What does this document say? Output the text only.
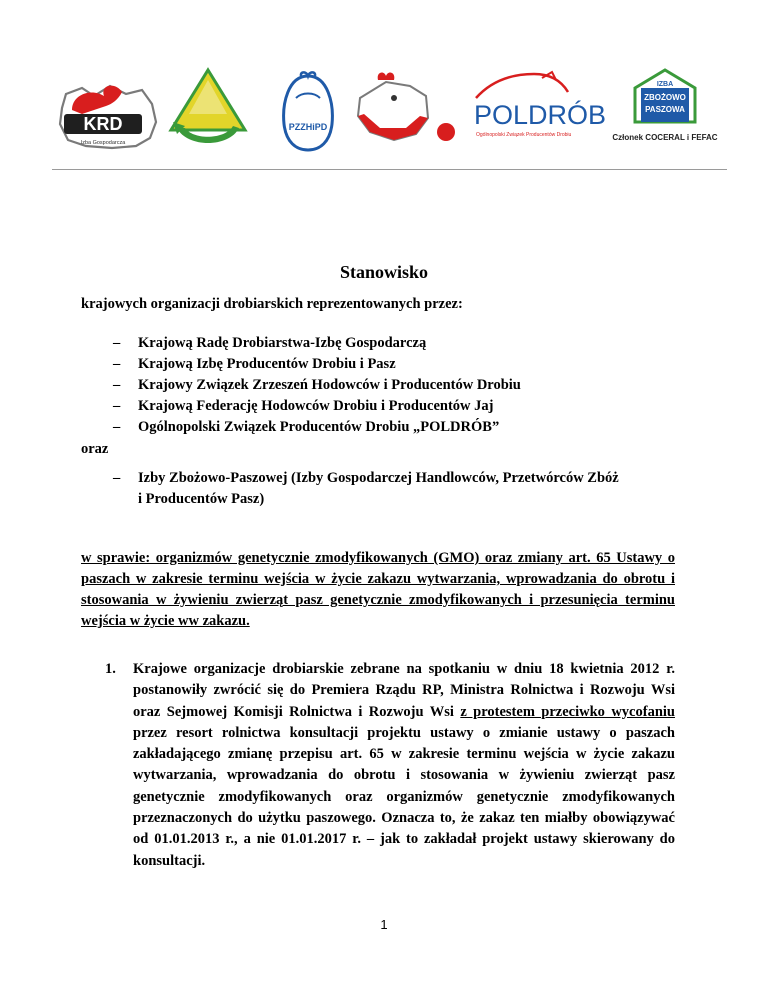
KRD
Izba Gospodarcza
PZZHiPD	POLDRÓB
Ogólnopolski Związek Producentów Drobiu
IZBA
ZBOŻOWO
PASZOWA
Członek COCERAL i FEFAC
Stanowisko
krajowych organizacji drobiarskich reprezentowanych przez:
– Krajową Radę Drobiarstwa-Izbę Gospodarczą
– Krajową Izbę Producentów Drobiu i Pasz
– Krajowy Związek Zrzeszeń Hodowców i Producentów Drobiu
– Krajową Federację Hodowców Drobiu i Producentów Jaj
– Ogólnopolski Związek Producentów Drobiu „POLDRÓB”
oraz
– Izby Zbożowo-Paszowej (Izby Gospodarczej Handlowców, Przetwórców Zbóż i Producentów Pasz)
w sprawie: organizmów genetycznie zmodyfikowanych (GMO) oraz zmiany art. 65 Ustawy o paszach w zakresie terminu wejścia w życie zakazu wytwarzania, wprowadzania do obrotu i stosowania w żywieniu zwierząt pasz genetycznie zmodyfikowanych i przesunięcia terminu wejścia w życie ww zakazu.
1. Krajowe organizacje drobiarskie zebrane na spotkaniu w dniu 18 kwietnia 2012 r. postanowiły zwrócić się do Premiera Rządu RP, Ministra Rolnictwa i Rozwoju Wsi oraz Sejmowej Komisji Rolnictwa i Rozwoju Wsi z protestem przeciwko wycofaniu przez resort rolnictwa konsultacji projektu ustawy o zmianie ustawy o paszach zakładającego zmianę przepisu art. 65 w zakresie terminu wejścia w życie zakazu wytwarzania, wprowadzania do obrotu i stosowania w żywieniu zwierząt pasz genetycznie zmodyfikowanych oraz organizmów genetycznie zmodyfikowanych przeznaczonych do użytku paszowego. Oznacza to, że zakaz ten miałby obowiązywać od 01.01.2013 r., a nie 01.01.2017 r. – jak to zakładał projekt ustawy skierowany do konsultacji.
1
